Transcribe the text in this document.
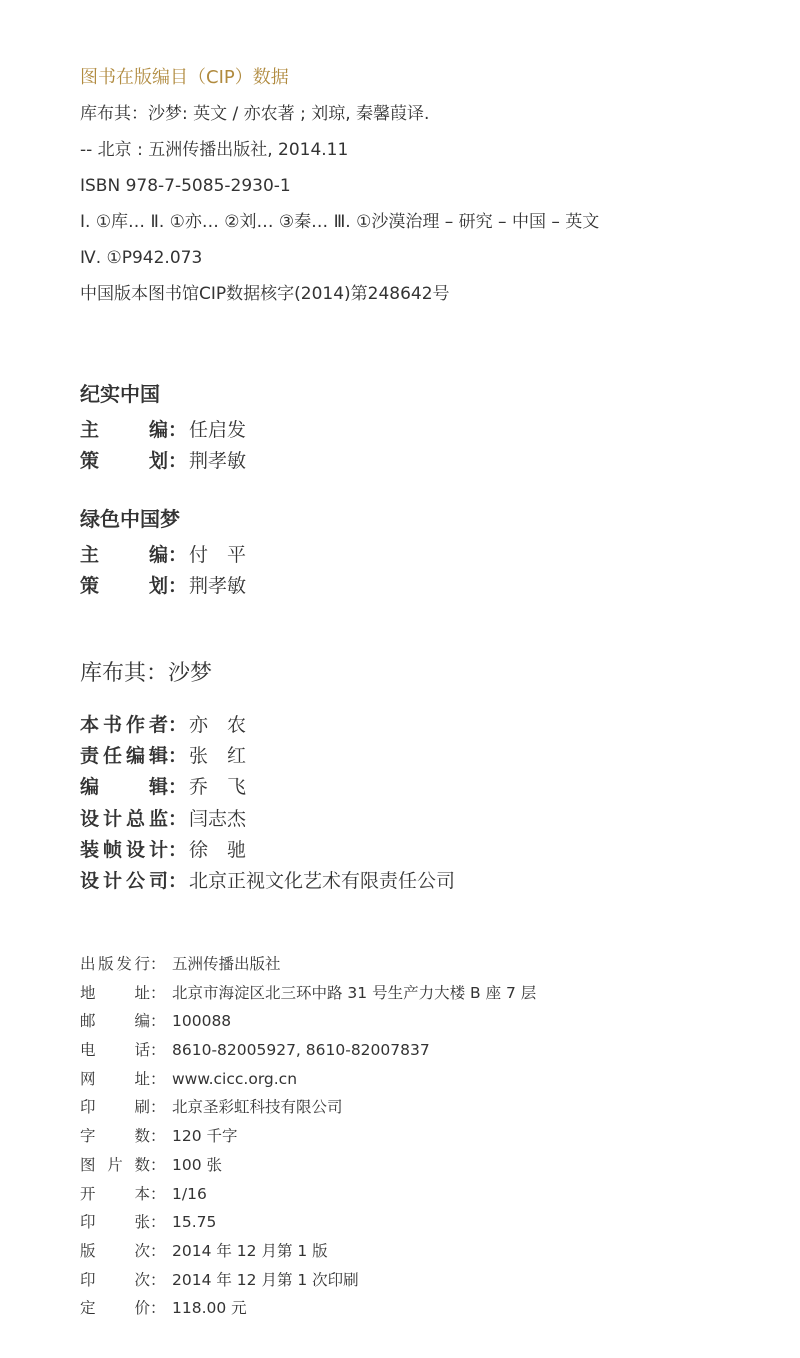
图书在版编目（CIP）数据
库布其：沙梦: 英文 / 亦农著 ; 刘琼, 秦馨葭译.
-- 北京 : 五洲传播出版社, 2014.11
ISBN 978-7-5085-2930-1
Ⅰ. ①库… Ⅱ. ①亦… ②刘… ③秦… Ⅲ. ①沙漠治理 – 研究 – 中国 – 英文
Ⅳ. ①P942.073
中国版本图书馆CIP数据核字(2014)第248642号
纪实中国
主	编 ： 任启发
策	划 ： 荆孝敏
绿色中国梦
主	编 ： 付　平
策	划 ： 荆孝敏
库布其：沙梦
本 书 作 者 ： 亦　农
责 任 编 辑 ： 张　红
编	辑 ： 乔　飞
设 计 总 监 ： 闫志杰
装 帧 设 计 ： 徐　驰
设 计 公 司 ： 北京正视文化艺术有限责任公司
出 版 发 行 ： 五洲传播出版社
地	址 ： 北京市海淀区北三环中路 31 号生产力大楼 B 座 7 层
邮	编 ： 100088
电	话 ： 8610-82005927, 8610-82007837
网	址 ： www.cicc.org.cn
印	刷 ： 北京圣彩虹科技有限公司
字	数 ： 120 千字
图 片 数 ： 100 张
开	本 ： 1/16
印	张 ： 15.75
版	次 ： 2014 年 12 月第 1 版
印	次 ： 2014 年 12 月第 1 次印刷
定	价 ： 118.00 元
